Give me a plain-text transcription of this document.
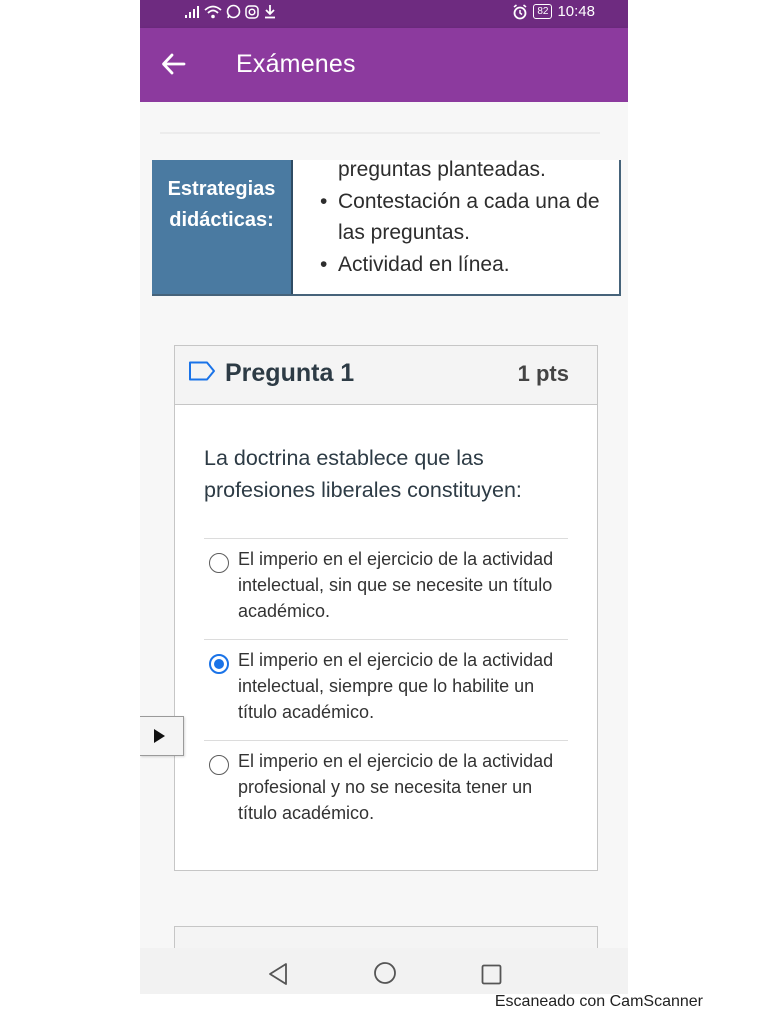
82 10:48
Exámenes
Estrategias
didácticas:
preguntas planteadas.
• Contestación a cada una de
las preguntas.
• Actividad en línea.
Pregunta 1	1 pts
La doctrina establece que las profesiones liberales constituyen:
El imperio en el ejercicio de la actividad intelectual, sin que se necesite un título académico.
El imperio en el ejercicio de la actividad intelectual, siempre que lo habilite un título académico.
El imperio en el ejercicio de la actividad profesional y no se necesita tener un título académico.
Escaneado con CamScanner
